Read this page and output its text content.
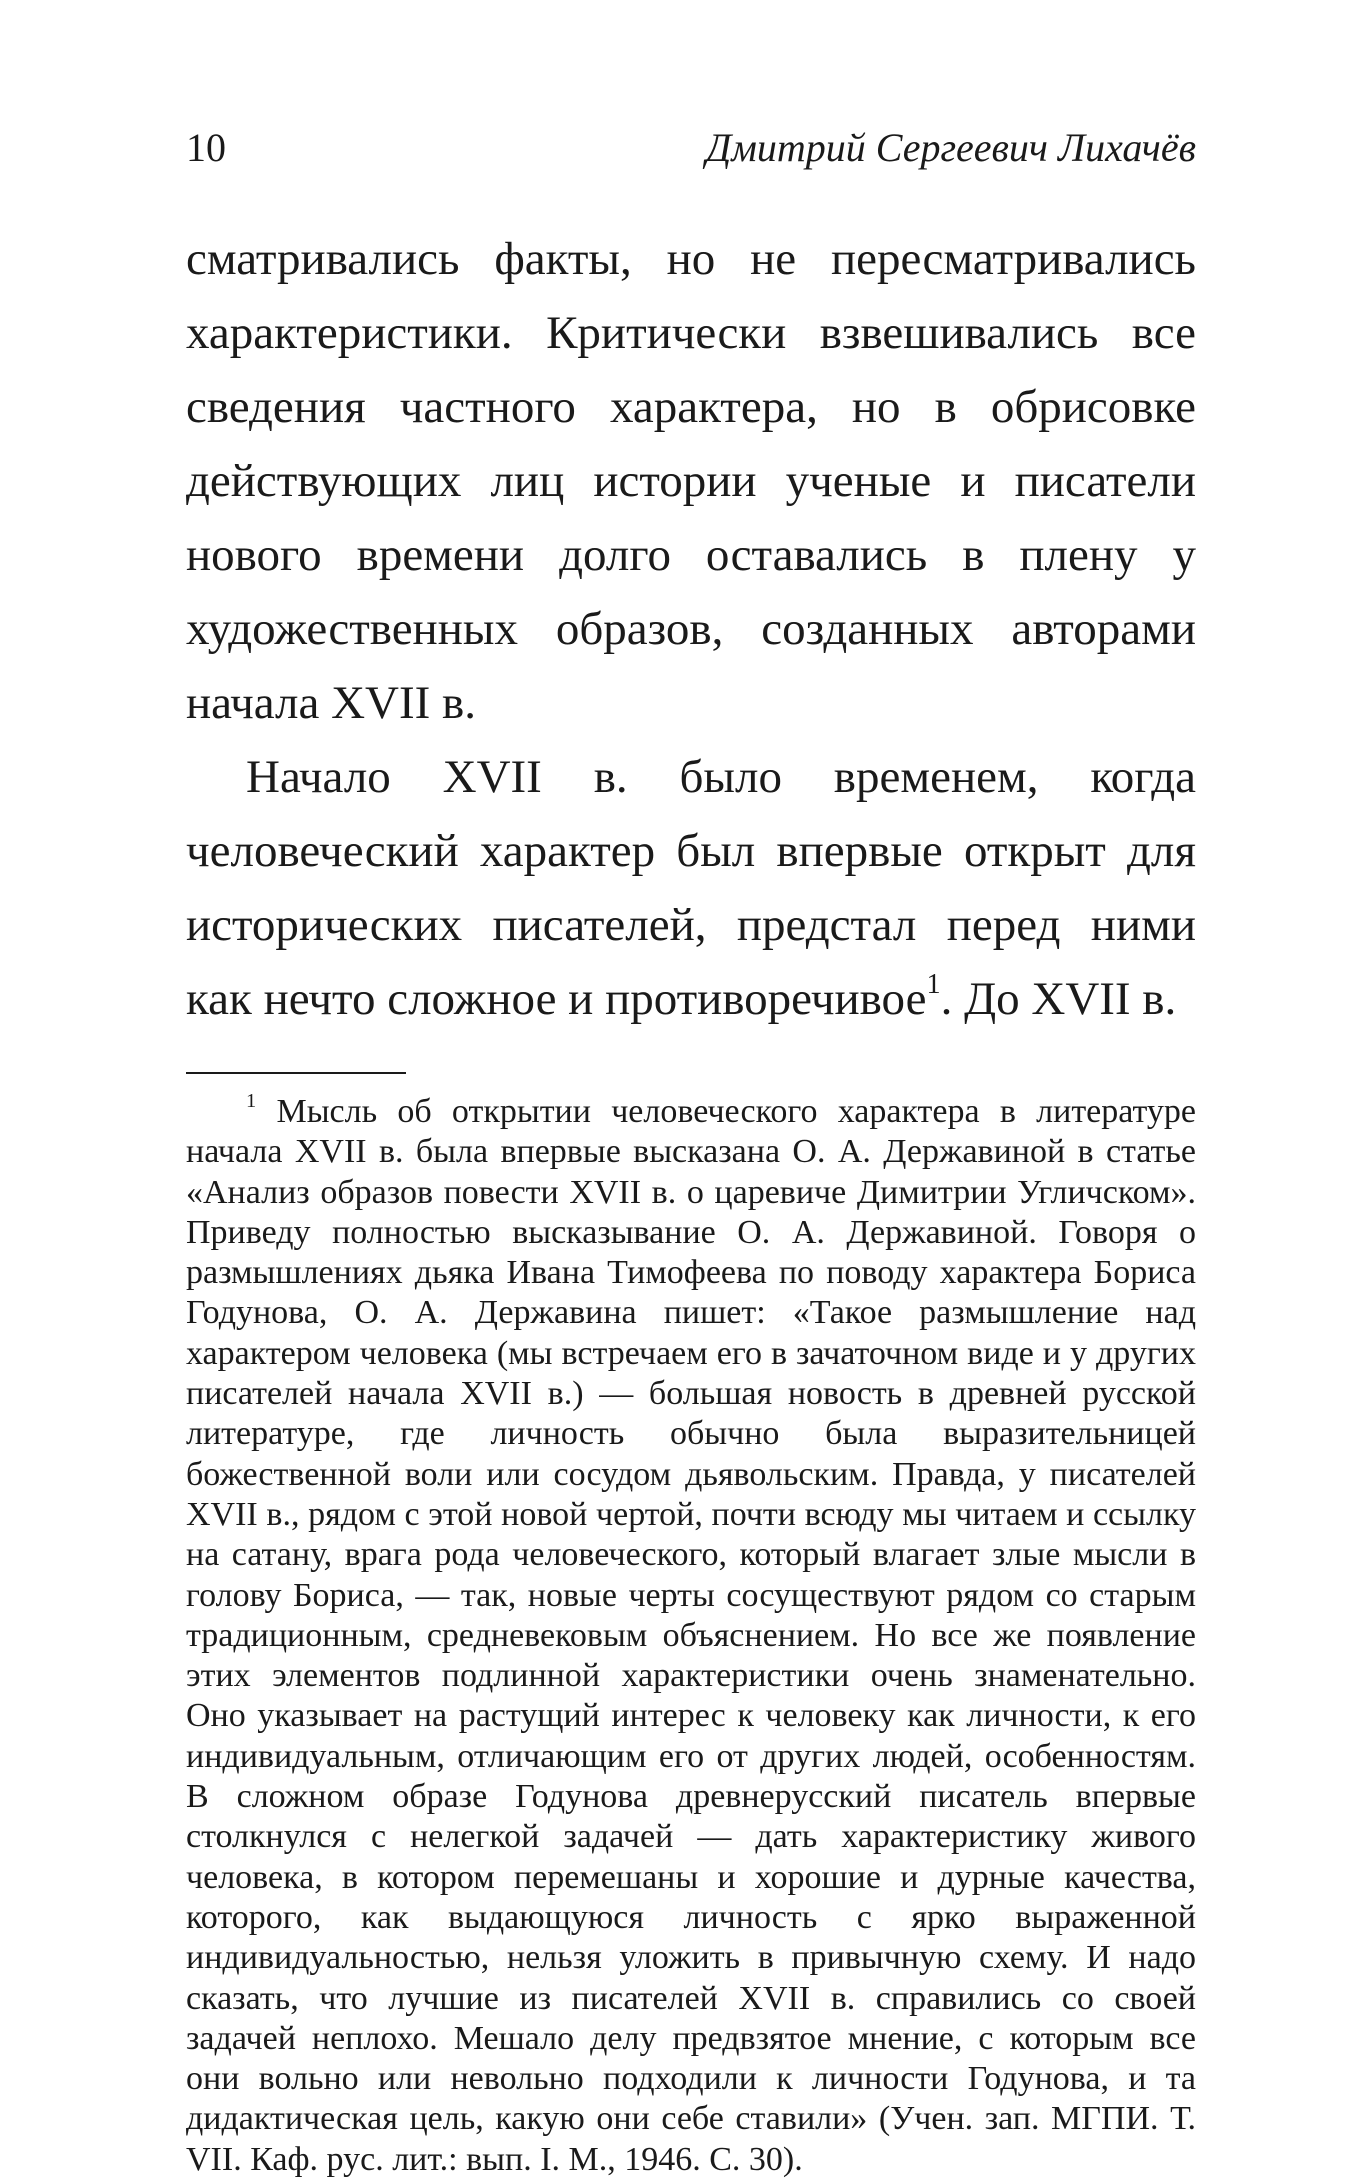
10	Дмитрий Сергеевич Лихачёв

сматривались факты, но не пересматривались характеристики. Критически взвешивались все сведения частного характера, но в обрисовке действующих лиц истории ученые и писатели нового времени долго оставались в плену у художественных образов, созданных авторами начала XVII в.

Начало XVII в. было временем, когда человеческий характер был впервые открыт для исторических писателей, предстал перед ними как нечто сложное и противоречивое$^1$. До XVII в.

$^1$ Мысль об открытии человеческого характера в литературе начала XVII в. была впервые высказана О. А. Державиной в статье «Анализ образов повести XVII в. о царевиче Димитрии Угличском». Приведу полностью высказывание О. А. Державиной. Говоря о размышлениях дьяка Ивана Тимофеева по поводу характера Бориса Годунова, О. А. Державина пишет: «Такое размышление над характером человека (мы встречаем его в зачаточном виде и у других писателей начала XVII в.) — большая новость в древней русской литературе, где личность обычно была выразительницей божественной воли или сосудом дьявольским. Правда, у писателей XVII в., рядом с этой новой чертой, почти всюду мы читаем и ссылку на сатану, врага рода человеческого, который влагает злые мысли в голову Бориса, — так, новые черты сосуществуют рядом со старым традиционным, средневековым объяснением. Но все же появление этих элементов подлинной характеристики очень знаменательно. Оно указывает на растущий интерес к человеку как личности, к его индивидуальным, отличающим его от других людей, особенностям. В сложном образе Годунова древнерусский писатель впервые столкнулся с нелегкой задачей — дать характеристику живого человека, в котором перемешаны и хорошие и дурные качества, которого, как выдающуюся личность с ярко выраженной индивидуальностью, нельзя уложить в привычную схему. И надо сказать, что лучшие из писателей XVII в. справились со своей задачей неплохо. Мешало делу предвзятое мнение, с которым все они вольно или невольно подходили к личности Годунова, и та дидактическая цель, какую они себе ставили» (Учен. зап. МГПИ. Т. VII. Каф. рус. лит.: вып. I. М., 1946. С. 30).
